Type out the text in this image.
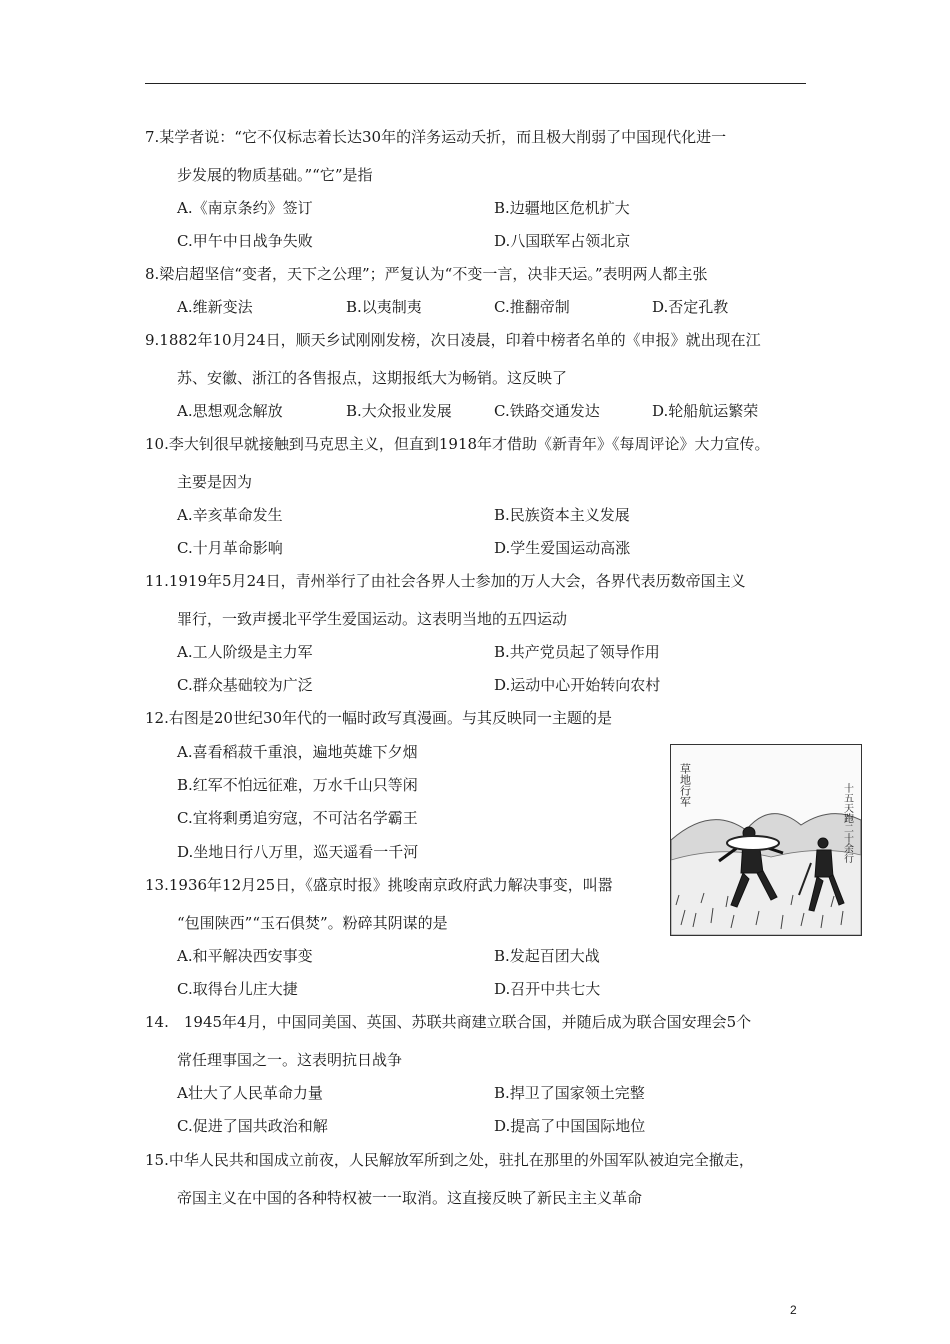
7.某学者说：“它不仅标志着长达30年的洋务运动夭折，而且极大削弱了中国现代化进一
步发展的物质基础。”“它”是指
A.《南京条约》签订	B.边疆地区危机扩大
C.甲午中日战争失败	D.八国联军占领北京
8.梁启超坚信“变者，天下之公理”；严复认为“不变一言，决非天运。”表明两人都主张
A.维新变法	B.以夷制夷	C.推翻帝制	D.否定孔教
9.1882年10月24日，顺天乡试刚刚发榜，次日凌晨，印着中榜者名单的《申报》就出现在江
苏、安徽、浙江的各售报点，这期报纸大为畅销。这反映了
A.思想观念解放	B.大众报业发展	C.铁路交通发达	D.轮船航运繁荣
10.李大钊很早就接触到马克思主义，但直到1918年才借助《新青年》《每周评论》大力宣传。
主要是因为
A.辛亥革命发生	B.民族资本主义发展
C.十月革命影响	D.学生爱国运动高涨
11.1919年5月24日，青州举行了由社会各界人士参加的万人大会，各界代表历数帝国主义
罪行，一致声援北平学生爱国运动。这表明当地的五四运动
A.工人阶级是主力军	B.共产党员起了领导作用
C.群众基础较为广泛	D.运动中心开始转向农村
12.右图是20世纪30年代的一幅时政写真漫画。与其反映同一主题的是
A.喜看稻菽千重浪，遍地英雄下夕烟
B.红军不怕远征难，万水千山只等闲
C.宜将剩勇追穷寇，不可沽名学霸王
D.坐地日行八万里，巡天遥看一千河
草地行军	十五天跑二十余行
13.1936年12月25日，《盛京时报》挑唆南京政府武力解决事变，叫嚣
“包围陕西”“玉石俱焚”。粉碎其阴谋的是
A.和平解决西安事变	B.发起百团大战
C.取得台儿庄大捷	D.召开中共七大
14.　1945年4月，中国同美国、英国、苏联共商建立联合国，并随后成为联合国安理会5个
常任理事国之一。这表明抗日战争
A壮大了人民革命力量	B.捍卫了国家领土完整
C.促进了国共政治和解	D.提高了中国国际地位
15.中华人民共和国成立前夜，人民解放军所到之处，驻扎在那里的外国军队被迫完全撤走，
帝国主义在中国的各种特权被一一取消。这直接反映了新民主主义革命
2
